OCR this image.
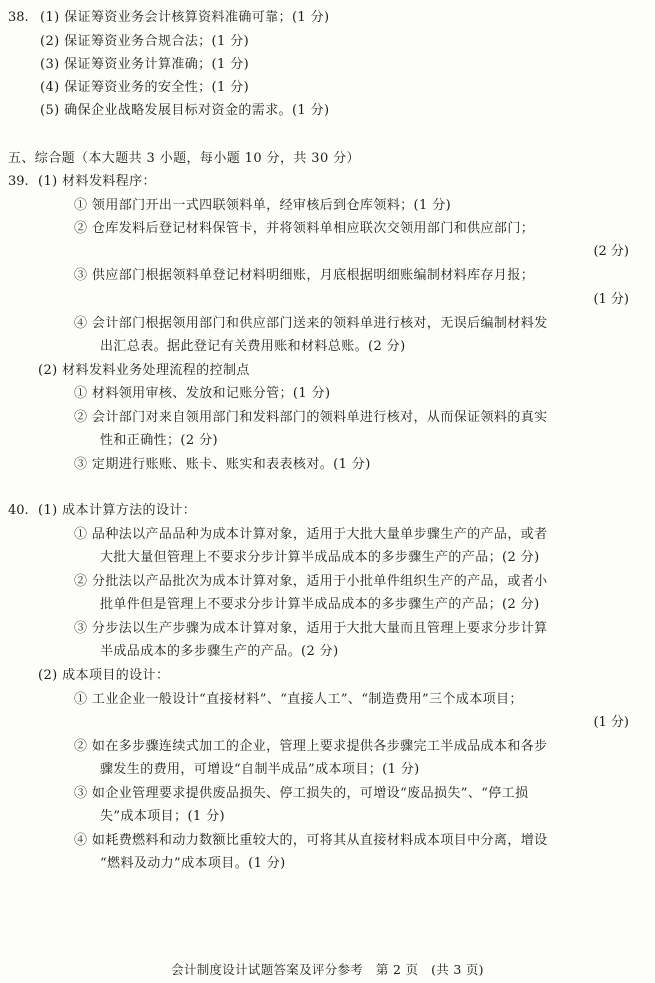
38. (1) 保证筹资业务会计核算资料准确可靠；(1 分)
(2) 保证筹资业务合规合法；(1 分)
(3) 保证筹资业务计算准确；(1 分)
(4) 保证筹资业务的安全性；(1 分)
(5) 确保企业战略发展目标对资金的需求。(1 分)
五、综合题（本大题共 3 小题，每小题 10 分，共 30 分）
39. (1) 材料发料程序：
① 领用部门开出一式四联领料单，经审核后到仓库领料；(1 分)
② 仓库发料后登记材料保管卡，并将领料单相应联次交领用部门和供应部门；
(2 分)
③ 供应部门根据领料单登记材料明细账，月底根据明细账编制材料库存月报；
(1 分)
④ 会计部门根据领用部门和供应部门送来的领料单进行核对，无误后编制材料发
出汇总表。据此登记有关费用账和材料总账。(2 分)
(2) 材料发料业务处理流程的控制点
① 材料领用审核、发放和记账分管；(1 分)
② 会计部门对来自领用部门和发料部门的领料单进行核对，从而保证领料的真实
性和正确性；(2 分)
③ 定期进行账账、账卡、账实和表表核对。(1 分)
40. (1) 成本计算方法的设计：
① 品种法以产品品种为成本计算对象，适用于大批大量单步骤生产的产品，或者
大批大量但管理上不要求分步计算半成品成本的多步骤生产的产品；(2 分)
② 分批法以产品批次为成本计算对象，适用于小批单件组织生产的产品，或者小
批单件但是管理上不要求分步计算半成品成本的多步骤生产的产品；(2 分)
③ 分步法以生产步骤为成本计算对象，适用于大批大量而且管理上要求分步计算
半成品成本的多步骤生产的产品。(2 分)
(2) 成本项目的设计：
① 工业企业一般设计“直接材料”、“直接人工”、“制造费用”三个成本项目；
(1 分)
② 如在多步骤连续式加工的企业，管理上要求提供各步骤完工半成品成本和各步
骤发生的费用，可增设“自制半成品”成本项目；(1 分)
③ 如企业管理要求提供废品损失、停工损失的，可增设“废品损失”、“停工损
失”成本项目；(1 分)
④ 如耗费燃料和动力数额比重较大的，可将其从直接材料成本项目中分离，增设
“燃料及动力”成本项目。(1 分)
会计制度设计试题答案及评分参考　第 2 页　(共 3 页)
